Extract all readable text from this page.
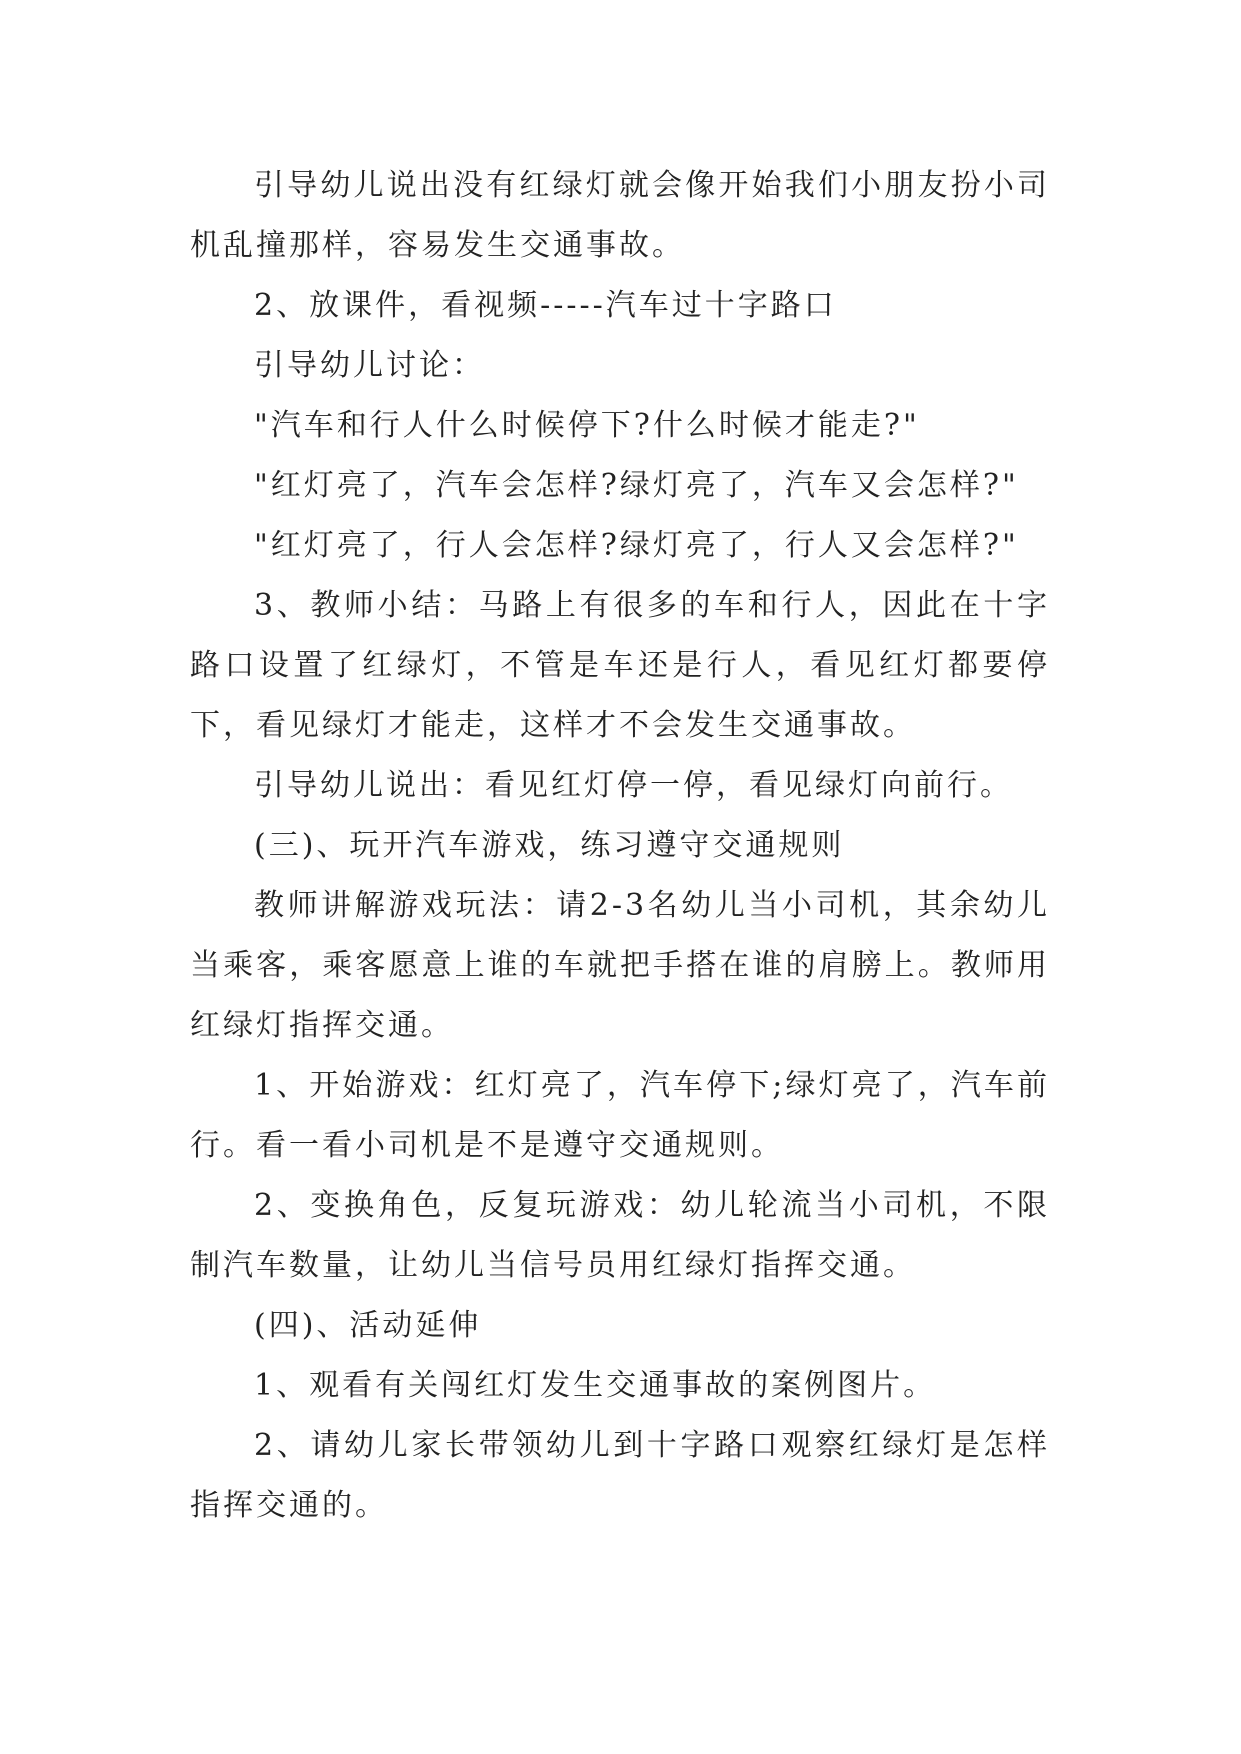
引导幼儿说出没有红绿灯就会像开始我们小朋友扮小司机乱撞那样，容易发生交通事故。

2、放课件，看视频-----汽车过十字路口

引导幼儿讨论：

"汽车和行人什么时候停下?什么时候才能走?"

"红灯亮了，汽车会怎样?绿灯亮了，汽车又会怎样?"

"红灯亮了，行人会怎样?绿灯亮了，行人又会怎样?"

3、教师小结：马路上有很多的车和行人，因此在十字路口设置了红绿灯，不管是车还是行人，看见红灯都要停下，看见绿灯才能走，这样才不会发生交通事故。

引导幼儿说出：看见红灯停一停，看见绿灯向前行。

(三)、玩开汽车游戏，练习遵守交通规则

教师讲解游戏玩法：请2-3名幼儿当小司机，其余幼儿当乘客，乘客愿意上谁的车就把手搭在谁的肩膀上。教师用红绿灯指挥交通。

1、开始游戏：红灯亮了，汽车停下;绿灯亮了，汽车前行。看一看小司机是不是遵守交通规则。

2、变换角色，反复玩游戏：幼儿轮流当小司机，不限制汽车数量，让幼儿当信号员用红绿灯指挥交通。

(四)、活动延伸

1、观看有关闯红灯发生交通事故的案例图片。

2、请幼儿家长带领幼儿到十字路口观察红绿灯是怎样指挥交通的。
